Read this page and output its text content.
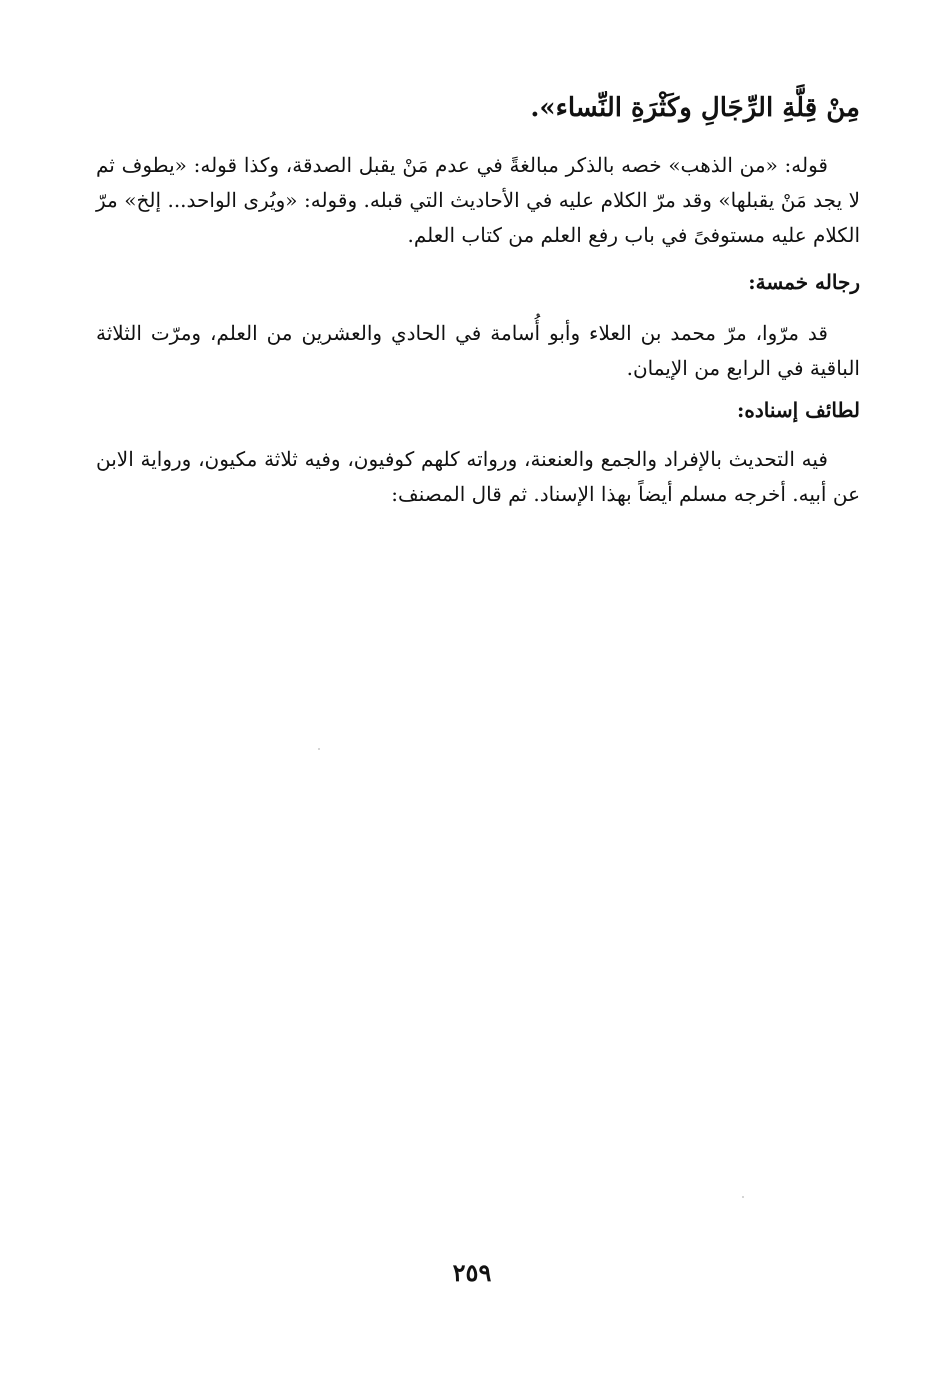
مِنْ قِلَّةِ الرِّجَالِ وكَثْرَةِ النِّساء».
قوله: «من الذهب» خصه بالذكر مبالغةً في عدم مَنْ يقبل الصدقة، وكذا قوله: «يطوف ثم لا يجد مَنْ يقبلها» وقد مرّ الكلام عليه في الأحاديث التي قبله. وقوله: «ويُرى الواحد... إلخ» مرّ الكلام عليه مستوفىً في باب رفع العلم من كتاب العلم.
رجاله خمسة:
قد مرّوا، مرّ محمد بن العلاء وأبو أُسامة في الحادي والعشرين من العلم، ومرّت الثلاثة الباقية في الرابع من الإيمان.
لطائف إسناده:
فيه التحديث بالإفراد والجمع والعنعنة، ورواته كلهم كوفيون، وفيه ثلاثة مكيون، ورواية الابن عن أبيه. أخرجه مسلم أيضاً بهذا الإسناد. ثم قال المصنف:
٢٥٩
